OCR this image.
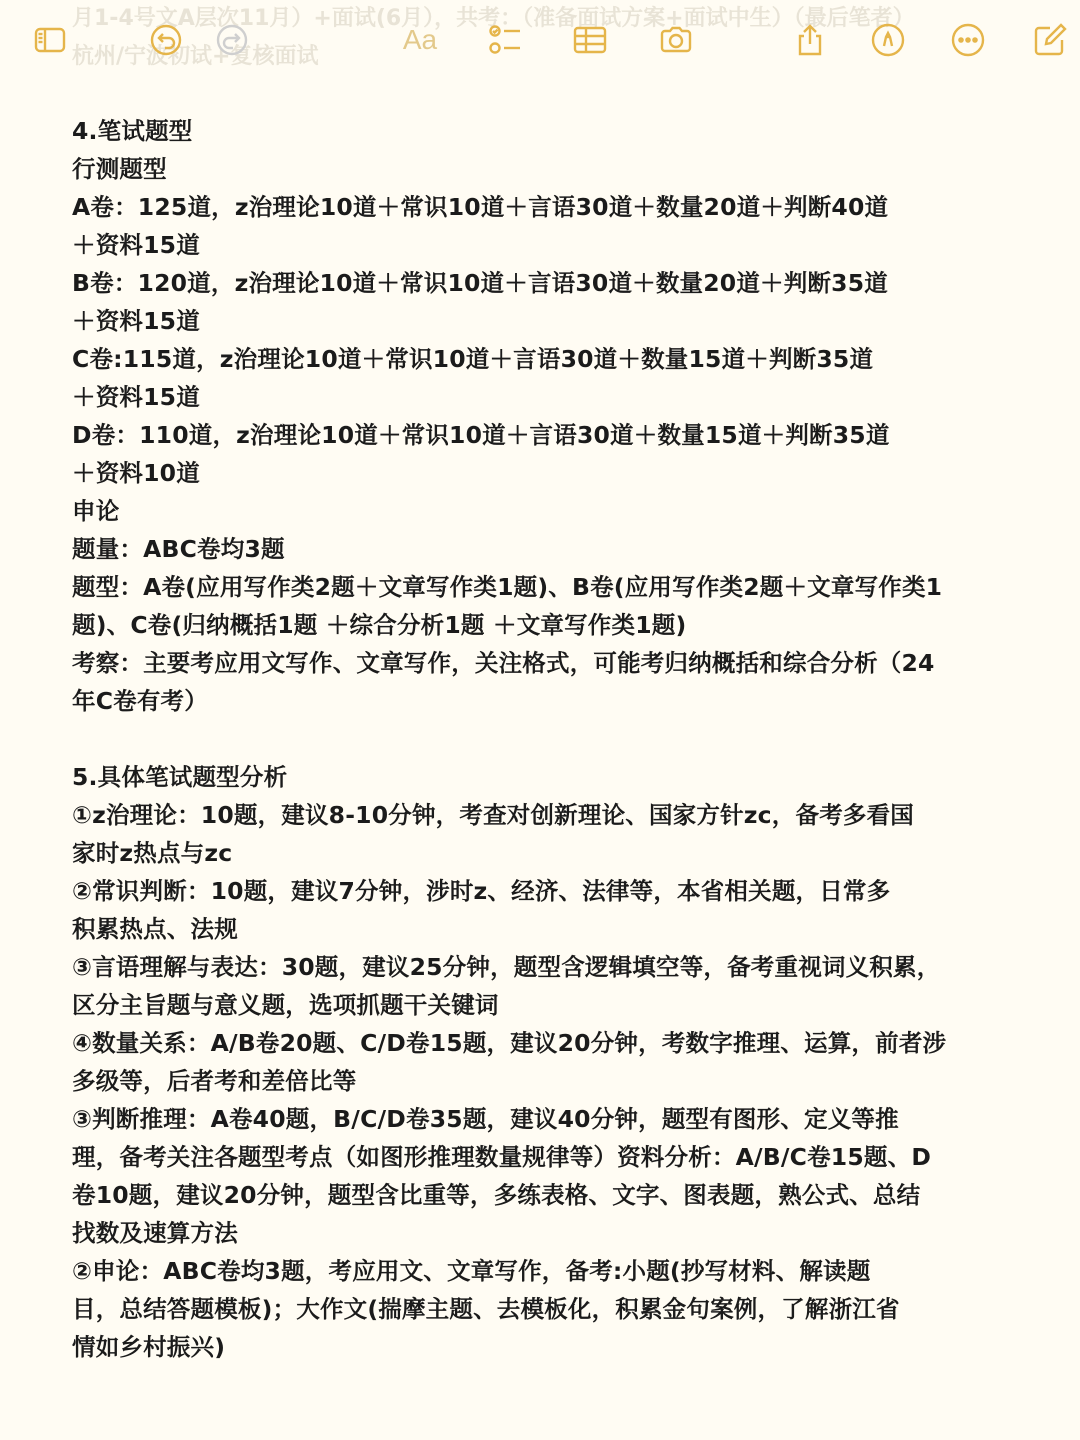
月1-4号文A层次11月）+面试(6月），共考：（准备面试方案+面试中生）（最后笔者）
杭州/宁波初试+复核面试
Aa
4.笔试题型
行测题型
A卷：125道，z治理论10道＋常识10道＋言语30道＋数量20道＋判断40道
＋资料15道
B卷：120道，z治理论10道＋常识10道＋言语30道＋数量20道＋判断35道
＋资料15道
C卷:115道，z治理论10道＋常识10道＋言语30道＋数量15道＋判断35道
＋资料15道
D卷：110道，z治理论10道＋常识10道＋言语30道＋数量15道＋判断35道
＋资料10道
申论
题量：ABC卷均3题
题型：A卷(应用写作类2题＋文章写作类1题)、B卷(应用写作类2题＋文章写作类1
题)、C卷(归纳概括1题 ＋综合分析1题 ＋文章写作类1题)
考察：主要考应用文写作、文章写作，关注格式，可能考归纳概括和综合分析（24
年C卷有考）
5.具体笔试题型分析
①z治理论：10题，建议8-10分钟，考查对创新理论、国家方针zc，备考多看国
家时z热点与zc
②常识判断：10题，建议7分钟，涉时z、经济、法律等，本省相关题，日常多
积累热点、法规
③言语理解与表达：30题，建议25分钟，题型含逻辑填空等，备考重视词义积累，
区分主旨题与意义题，选项抓题干关键词
④数量关系：A/B卷20题、C/D卷15题，建议20分钟，考数字推理、运算，前者涉
多级等，后者考和差倍比等
③判断推理：A卷40题，B/C/D卷35题，建议40分钟，题型有图形、定义等推
理，备考关注各题型考点（如图形推理数量规律等）资料分析：A/B/C卷15题、D
卷10题，建议20分钟，题型含比重等，多练表格、文字、图表题，熟公式、总结
找数及速算方法
②申论：ABC卷均3题，考应用文、文章写作，备考:小题(抄写材料、解读题
目，总结答题模板)；大作文(揣摩主题、去模板化，积累金句案例，了解浙江省
情如乡村振兴)
